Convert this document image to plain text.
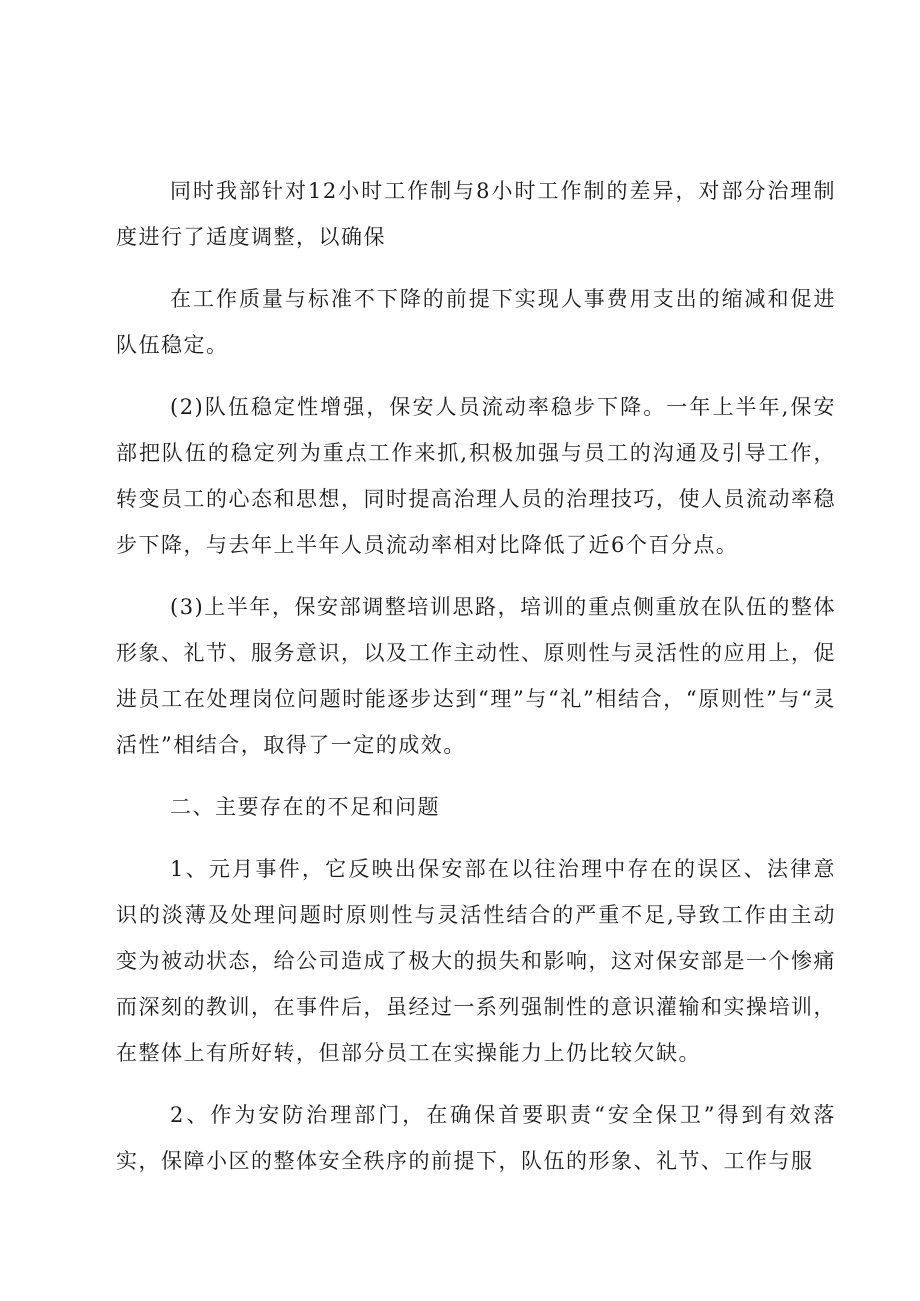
同时我部针对12小时工作制与8小时工作制的差异，对部分治理制度进行了适度调整，以确保

在工作质量与标准不下降的前提下实现人事费用支出的缩减和促进队伍稳定。

(2)队伍稳定性增强，保安人员流动率稳步下降。一年上半年,保安部把队伍的稳定列为重点工作来抓,积极加强与员工的沟通及引导工作，转变员工的心态和思想，同时提高治理人员的治理技巧，使人员流动率稳步下降，与去年上半年人员流动率相对比降低了近6个百分点。

(3)上半年，保安部调整培训思路，培训的重点侧重放在队伍的整体形象、礼节、服务意识，以及工作主动性、原则性与灵活性的应用上，促进员工在处理岗位问题时能逐步达到“理”与“礼”相结合，“原则性”与“灵活性”相结合，取得了一定的成效。

二、主要存在的不足和问题

1、元月事件，它反映出保安部在以往治理中存在的误区、法律意识的淡薄及处理问题时原则性与灵活性结合的严重不足,导致工作由主动变为被动状态，给公司造成了极大的损失和影响，这对保安部是一个惨痛而深刻的教训，在事件后，虽经过一系列强制性的意识灌输和实操培训，在整体上有所好转，但部分员工在实操能力上仍比较欠缺。

2、作为安防治理部门，在确保首要职责“安全保卫”得到有效落实，保障小区的整体安全秩序的前提下，队伍的形象、礼节、工作与服
